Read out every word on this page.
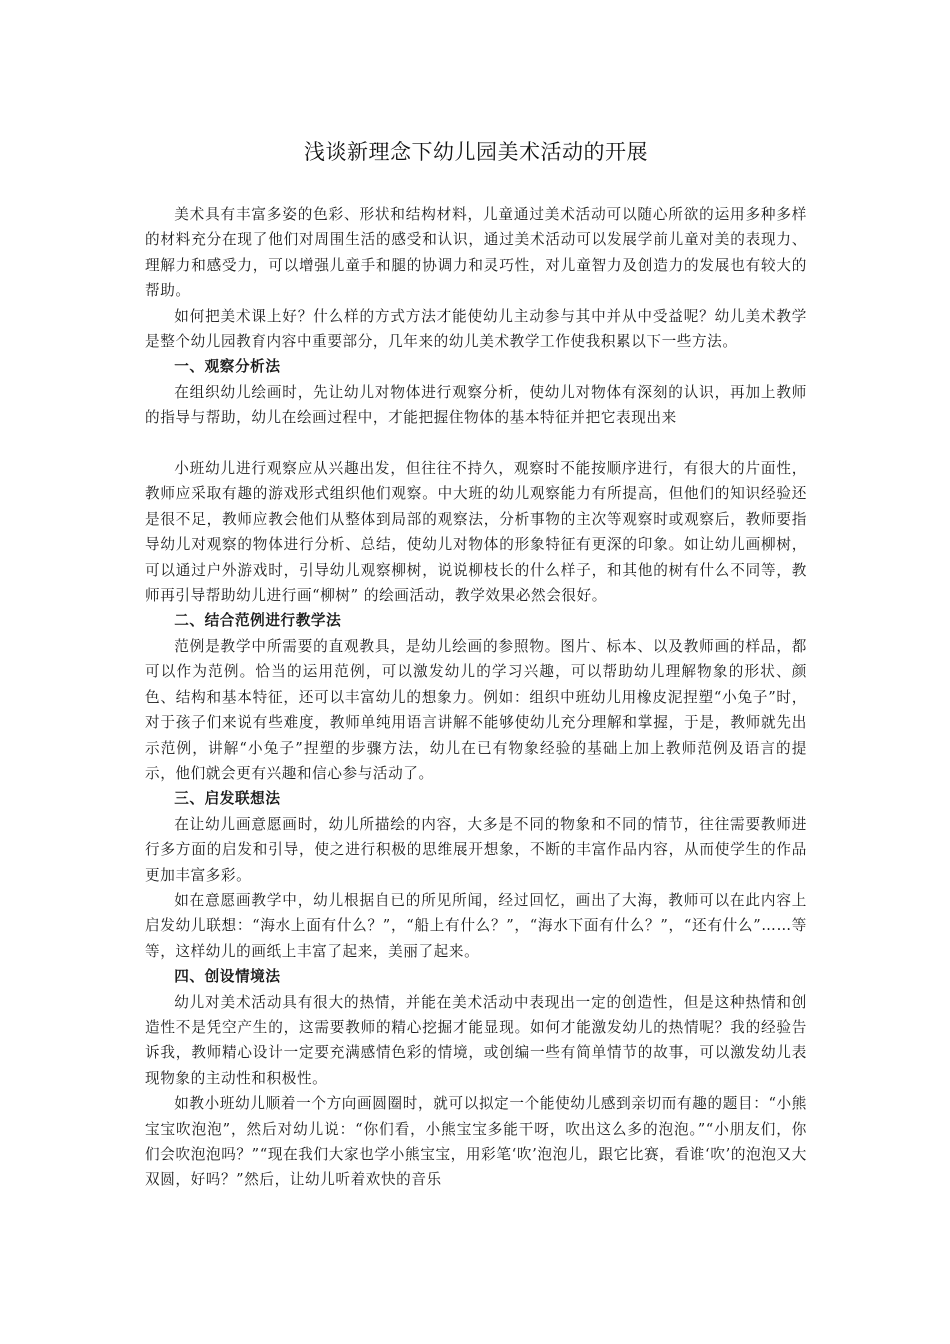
浅谈新理念下幼儿园美术活动的开展

美术具有丰富多姿的色彩、形状和结构材料，儿童通过美术活动可以随心所欲的运用多种多样的材料充分在现了他们对周围生活的感受和认识，通过美术活动可以发展学前儿童对美的表现力、理解力和感受力，可以增强儿童手和腿的协调力和灵巧性，对儿童智力及创造力的发展也有较大的帮助。

如何把美术课上好？什么样的方式方法才能使幼儿主动参与其中并从中受益呢？幼儿美术教学是整个幼儿园教育内容中重要部分，几年来的幼儿美术教学工作使我积累以下一些方法。

一、观察分析法

在组织幼儿绘画时，先让幼儿对物体进行观察分析，使幼儿对物体有深刻的认识，再加上教师的指导与帮助，幼儿在绘画过程中，才能把握住物体的基本特征并把它表现出来

小班幼儿进行观察应从兴趣出发，但往往不持久，观察时不能按顺序进行，有很大的片面性，教师应采取有趣的游戏形式组织他们观察。中大班的幼儿观察能力有所提高，但他们的知识经验还是很不足，教师应教会他们从整体到局部的观察法，分析事物的主次等观察时或观察后，教师要指导幼儿对观察的物体进行分析、总结，使幼儿对物体的形象特征有更深的印象。如让幼儿画柳树，可以通过户外游戏时，引导幼儿观察柳树，说说柳枝长的什么样子，和其他的树有什么不同等，教师再引导帮助幼儿进行画“柳树” 的绘画活动，教学效果必然会很好。

二、结合范例进行教学法

范例是教学中所需要的直观教具，是幼儿绘画的参照物。图片、标本、以及教师画的样品，都可以作为范例。恰当的运用范例，可以激发幼儿的学习兴趣，可以帮助幼儿理解物象的形状、颜色、结构和基本特征，还可以丰富幼儿的想象力。例如：组织中班幼儿用橡皮泥捏塑“小兔子”时，对于孩子们来说有些难度，教师单纯用语言讲解不能够使幼儿充分理解和掌握，于是，教师就先出示范例，讲解“小兔子”捏塑的步骤方法，幼儿在已有物象经验的基础上加上教师范例及语言的提示，他们就会更有兴趣和信心参与活动了。

三、启发联想法

在让幼儿画意愿画时，幼儿所描绘的内容，大多是不同的物象和不同的情节，往往需要教师进行多方面的启发和引导，使之进行积极的思维展开想象，不断的丰富作品内容，从而使学生的作品更加丰富多彩。

如在意愿画教学中，幼儿根据自已的所见所闻，经过回忆，画出了大海，教师可以在此内容上启发幼儿联想：“海水上面有什么？”，“船上有什么？”，“海水下面有什么？”，“还有什么”……等等，这样幼儿的画纸上丰富了起来，美丽了起来。

四、创设情境法

幼儿对美术活动具有很大的热情，并能在美术活动中表现出一定的创造性，但是这种热情和创造性不是凭空产生的，这需要教师的精心挖掘才能显现。如何才能激发幼儿的热情呢？我的经验告诉我，教师精心设计一定要充满感情色彩的情境，或创编一些有简单情节的故事，可以激发幼儿表现物象的主动性和积极性。

如教小班幼儿顺着一个方向画圆圈时，就可以拟定一个能使幼儿感到亲切而有趣的题目：“小熊宝宝吹泡泡”，然后对幼儿说：“你们看，小熊宝宝多能干呀，吹出这么多的泡泡。”“小朋友们，你们会吹泡泡吗？”“现在我们大家也学小熊宝宝，用彩笔‘吹’泡泡儿，跟它比赛，看谁‘吹’的泡泡又大双圆，好吗？”然后，让幼儿听着欢快的音乐
